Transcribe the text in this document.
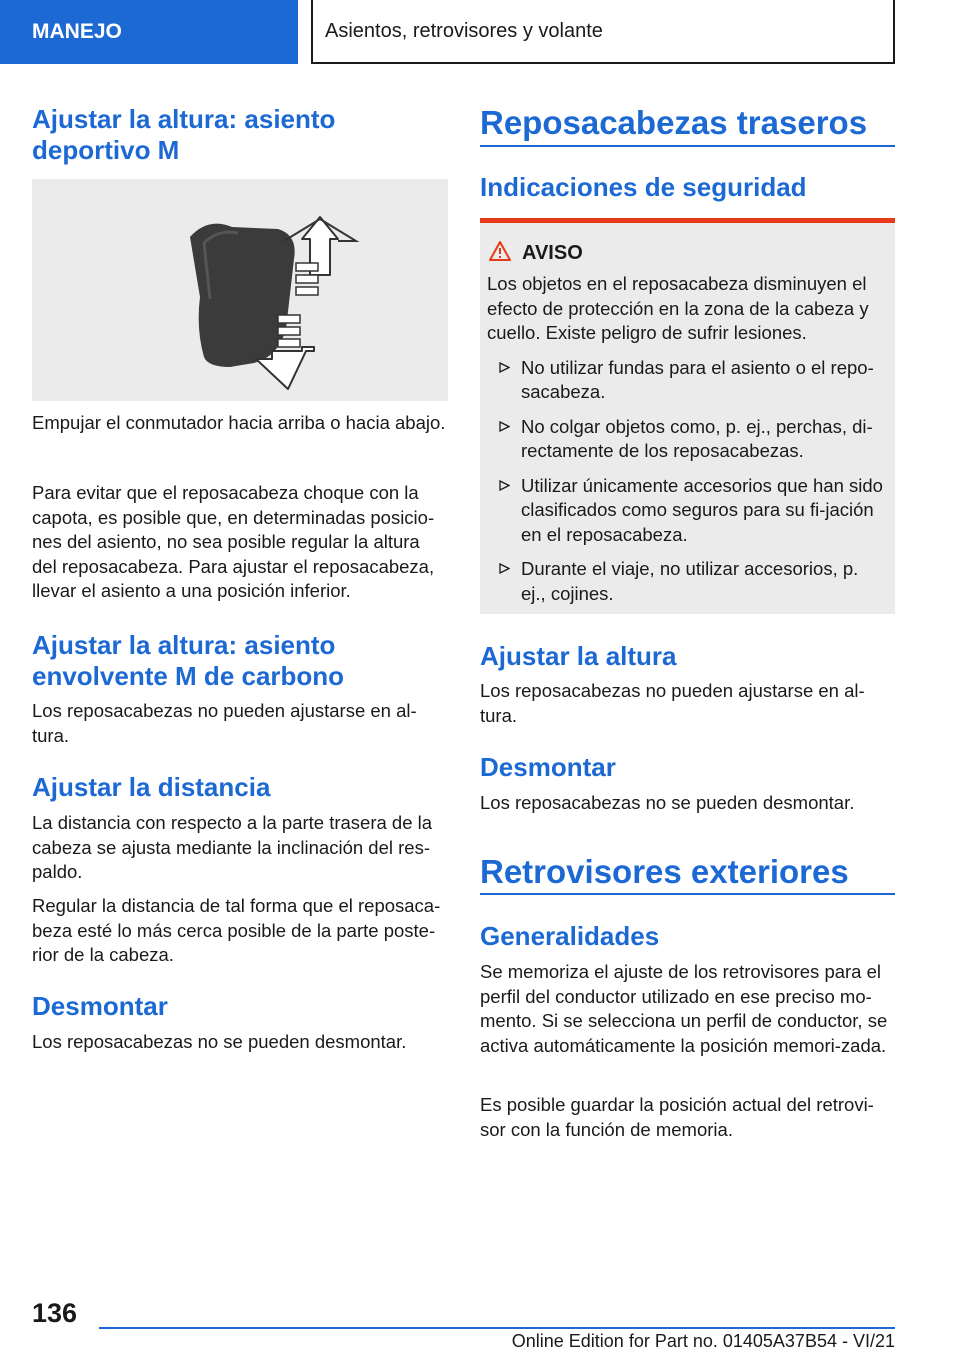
MANEJO	Asientos, retrovisores y volante
Ajustar la altura: asiento deportivo M

Empujar el conmutador hacia arriba o hacia abajo.

Para evitar que el reposacabeza choque con la capota, es posible que, en determinadas posicio-nes del asiento, no sea posible regular la altura del reposacabeza. Para ajustar el reposacabeza, llevar el asiento a una posición inferior.

Ajustar la altura: asiento envolvente M de carbono

Los reposacabezas no pueden ajustarse en al-tura.

Ajustar la distancia

La distancia con respecto a la parte trasera de la cabeza se ajusta mediante la inclinación del res-paldo.

Regular la distancia de tal forma que el reposaca-beza esté lo más cerca posible de la parte poste-rior de la cabeza.

Desmontar

Los reposacabezas no se pueden desmontar.

Reposacabezas traseros
Indicaciones de seguridad
AVISO

Los objetos en el reposacabeza disminuyen el efecto de protección en la zona de la cabeza y cuello. Existe peligro de sufrir lesiones.

No utilizar fundas para el asiento o el repo-sacabeza.
No colgar objetos como, p. ej., perchas, di-rectamente de los reposacabezas.
Utilizar únicamente accesorios que han sido clasificados como seguros para su fi-jación en el reposacabeza.
Durante el viaje, no utilizar accesorios, p. ej., cojines.
Ajustar la altura

Los reposacabezas no pueden ajustarse en al-tura.

Desmontar

Los reposacabezas no se pueden desmontar.

Retrovisores exteriores
Generalidades

Se memoriza el ajuste de los retrovisores para el perfil del conductor utilizado en ese preciso mo-mento. Si se selecciona un perfil de conductor, se activa automáticamente la posición memori-zada.

Es posible guardar la posición actual del retrovi-sor con la función de memoria.

136
Online Edition for Part no. 01405A37B54 - VI/21
